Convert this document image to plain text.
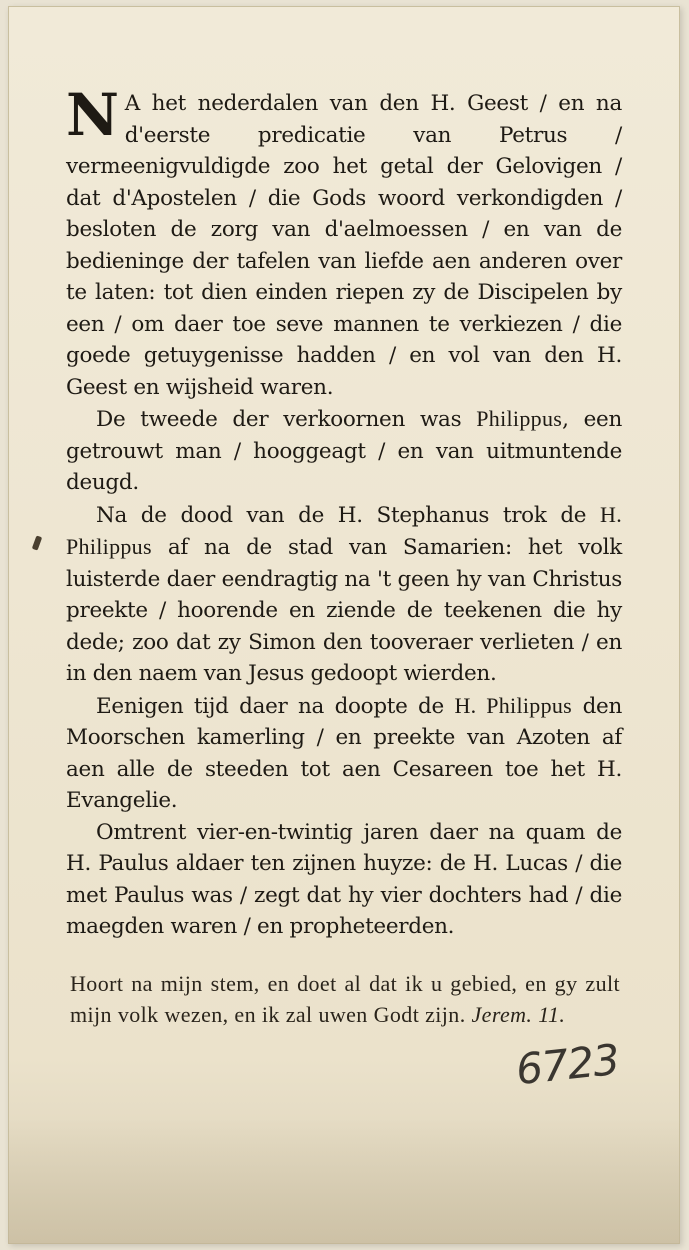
N A het nederdalen van den H. Geest / en na d'eerste predicatie van Petrus / vermeenigvuldigde zoo het getal der Gelovigen / dat d'Apostelen / die Gods woord verkondigden / besloten de zorg van d'aelmoessen / en van de bedieninge der tafelen van liefde aen anderen over te laten: tot dien einden riepen zy de Discipelen by een / om daer toe seve mannen te verkiezen / die goede getuygenisse hadden / en vol van den H. Geest en wijsheid waren.

De tweede der verkoornen was Philippus, een getrouwt man / hooggeagt / en van uitmuntende deugd.

Na de dood van de H. Stephanus trok de H. Philippus af na de stad van Samarien: het volk luisterde daer eendragtig na 't geen hy van Christus preekte / hoorende en ziende de teekenen die hy dede; zoo dat zy Simon den tooveraer verlieten / en in den naem van Jesus gedoopt wierden.

Eenigen tijd daer na doopte de H. Philippus den Moorschen kamerling / en preekte van Azoten af aen alle de steeden tot aen Cesareen toe het H. Evangelie.

Omtrent vier-en-twintig jaren daer na quam de H. Paulus aldaer ten zijnen huyze: de H. Lucas / die met Paulus was / zegt dat hy vier dochters had / die maegden waren / en propheteerden.

Hoort na mijn stem, en doet al dat ik u gebied, en gy zult mijn volk wezen, en ik zal uwen Godt zijn. Jerem. 11.
6723
